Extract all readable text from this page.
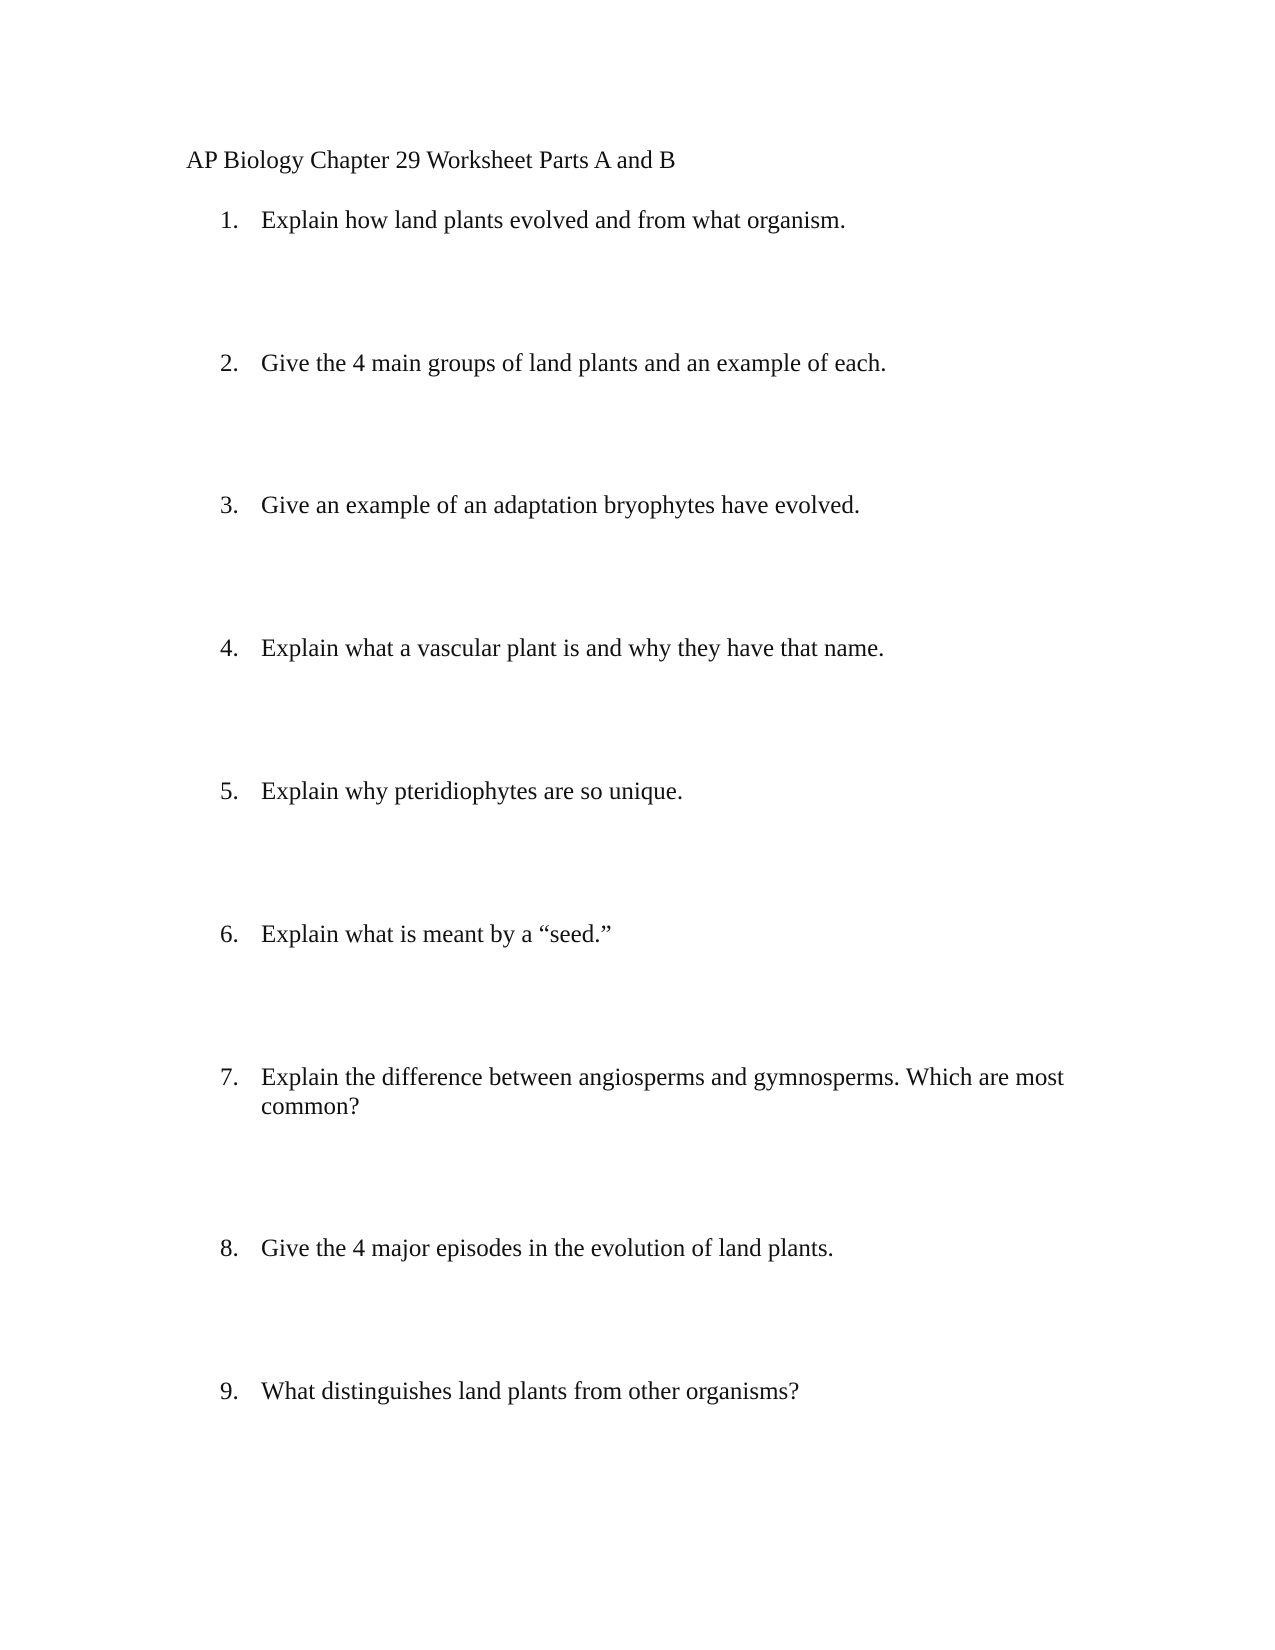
AP Biology Chapter 29 Worksheet Parts A and B
1. Explain how land plants evolved and from what organism.
2. Give the 4 main groups of land plants and an example of each.
3. Give an example of an adaptation bryophytes have evolved.
4. Explain what a vascular plant is and why they have that name.
5. Explain why pteridiophytes are so unique.
6. Explain what is meant by a “seed.”
7. Explain the difference between angiosperms and gymnosperms. Which are most common?
8. Give the 4 major episodes in the evolution of land plants.
9. What distinguishes land plants from other organisms?
